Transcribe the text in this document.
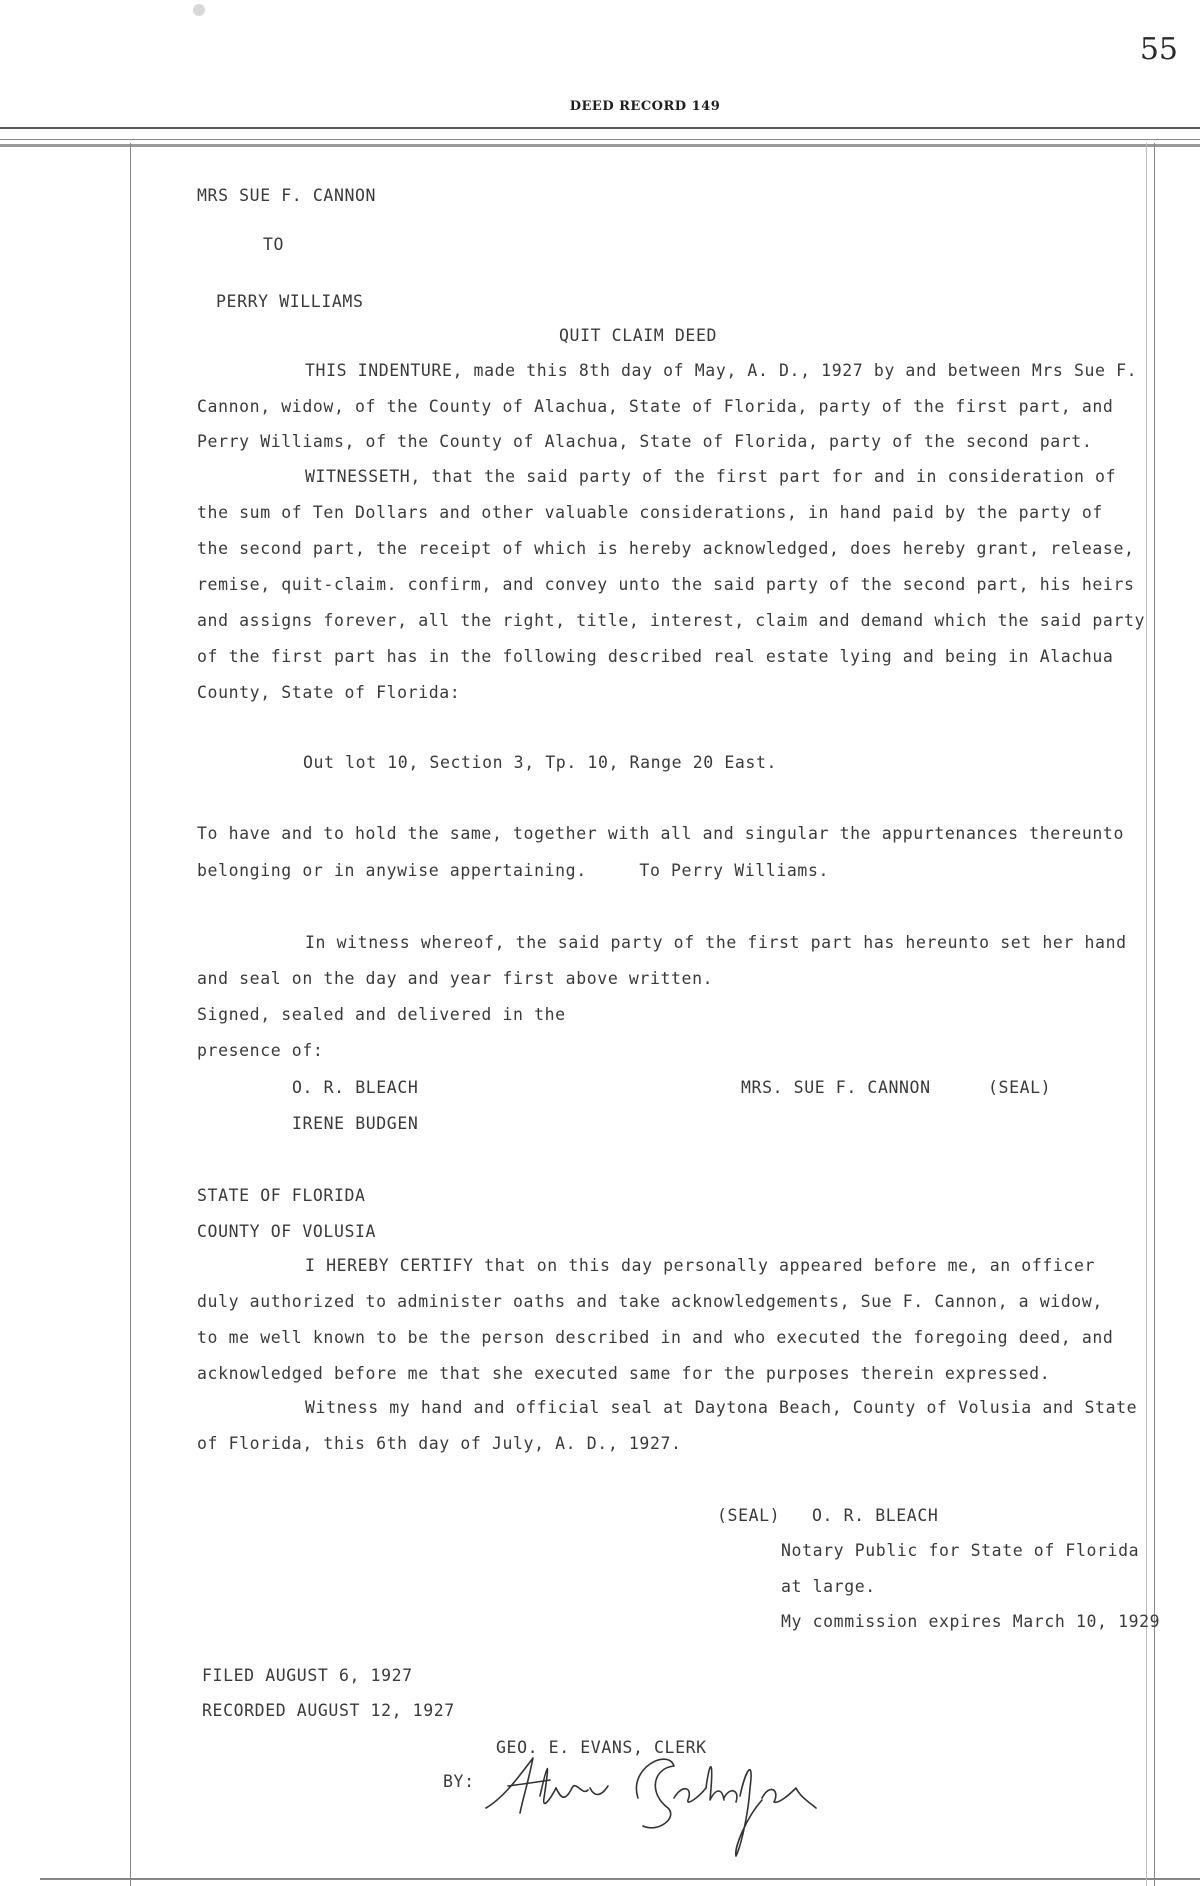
55
DEED RECORD 149
MRS SUE F. CANNON
TO
PERRY WILLIAMS
QUIT CLAIM DEED
THIS INDENTURE, made this 8th day of May, A. D., 1927 by and between Mrs Sue F.
Cannon, widow, of the County of Alachua, State of Florida, party of the first part, and
Perry Williams, of the County of Alachua, State of Florida, party of the second part.
WITNESSETH, that the said party of the first part for and in consideration of
the sum of Ten Dollars and other valuable considerations, in hand paid by the party of
the second part, the receipt of which is hereby acknowledged, does hereby grant, release,
remise, quit-claim. confirm, and convey unto the said party of the second part, his heirs
and assigns forever, all the right, title, interest, claim and demand which the said party
of the first part has in the following described real estate lying and being in Alachua
County, State of Florida:
Out lot 10, Section 3, Tp. 10, Range 20 East.
To have and to hold the same, together with all and singular the appurtenances thereunto
belonging or in anywise appertaining.     To Perry Williams.
In witness whereof, the said party of the first part has hereunto set her hand
and seal on the day and year first above written.
Signed, sealed and delivered in the
presence of:
O. R. BLEACH
IRENE BUDGEN
MRS. SUE F. CANNON	(SEAL)
STATE OF FLORIDA
COUNTY OF VOLUSIA
I HEREBY CERTIFY that on this day personally appeared before me, an officer
duly authorized to administer oaths and take acknowledgements, Sue F. Cannon, a widow,
to me well known to be the person described in and who executed the foregoing deed, and
acknowledged before me that she executed same for the purposes therein expressed.
Witness my hand and official seal at Daytona Beach, County of Volusia and State
of Florida, this 6th day of July, A. D., 1927.
(SEAL) O. R. BLEACH
Notary Public for State of Florida
at large.
My commission expires March 10, 1929
FILED AUGUST 6, 1927
RECORDED AUGUST 12, 1927
GEO. E. EVANS, CLERK
BY:
